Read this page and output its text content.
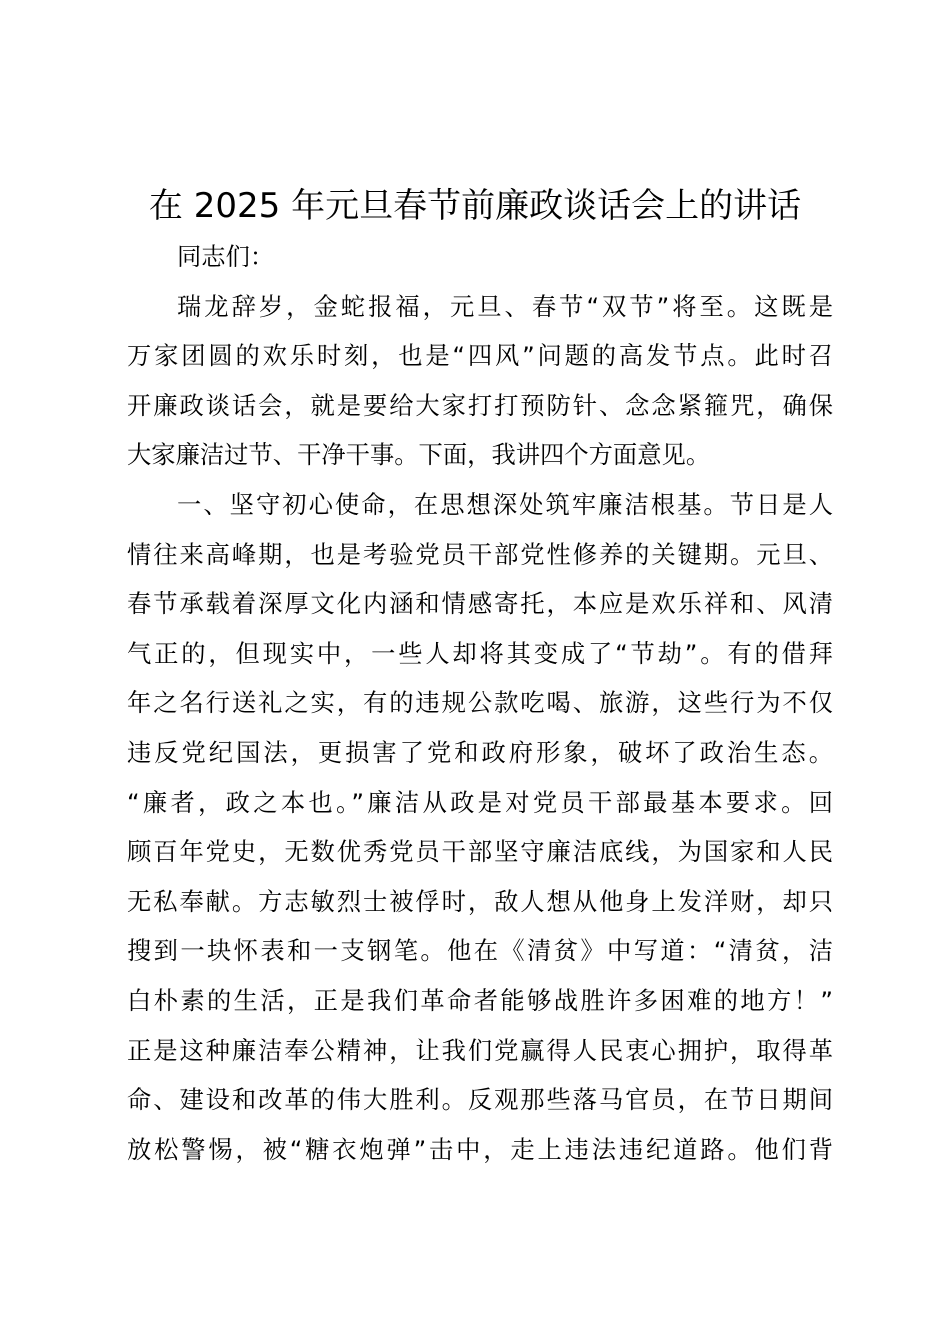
在 2025 年元旦春节前廉政谈话会上的讲话
同志们：
瑞龙辞岁，金蛇报福，元旦、春节“双节”将至。这既是
万家团圆的欢乐时刻，也是“四风”问题的高发节点。此时召
开廉政谈话会，就是要给大家打打预防针、念念紧箍咒，确保
大家廉洁过节、干净干事。下面，我讲四个方面意见。
一、坚守初心使命，在思想深处筑牢廉洁根基。节日是人
情往来高峰期，也是考验党员干部党性修养的关键期。元旦、
春节承载着深厚文化内涵和情感寄托，本应是欢乐祥和、风清
气正的，但现实中，一些人却将其变成了“节劫”。有的借拜
年之名行送礼之实，有的违规公款吃喝、旅游，这些行为不仅
违反党纪国法，更损害了党和政府形象，破坏了政治生态。
“廉者，政之本也。”廉洁从政是对党员干部最基本要求。回
顾百年党史，无数优秀党员干部坚守廉洁底线，为国家和人民
无私奉献。方志敏烈士被俘时，敌人想从他身上发洋财，却只
搜到一块怀表和一支钢笔。他在《清贫》中写道：“清贫，洁
白朴素的生活，正是我们革命者能够战胜许多困难的地方！”
正是这种廉洁奉公精神，让我们党赢得人民衷心拥护，取得革
命、建设和改革的伟大胜利。反观那些落马官员，在节日期间
放松警惕，被“糖衣炮弹”击中，走上违法违纪道路。他们背
